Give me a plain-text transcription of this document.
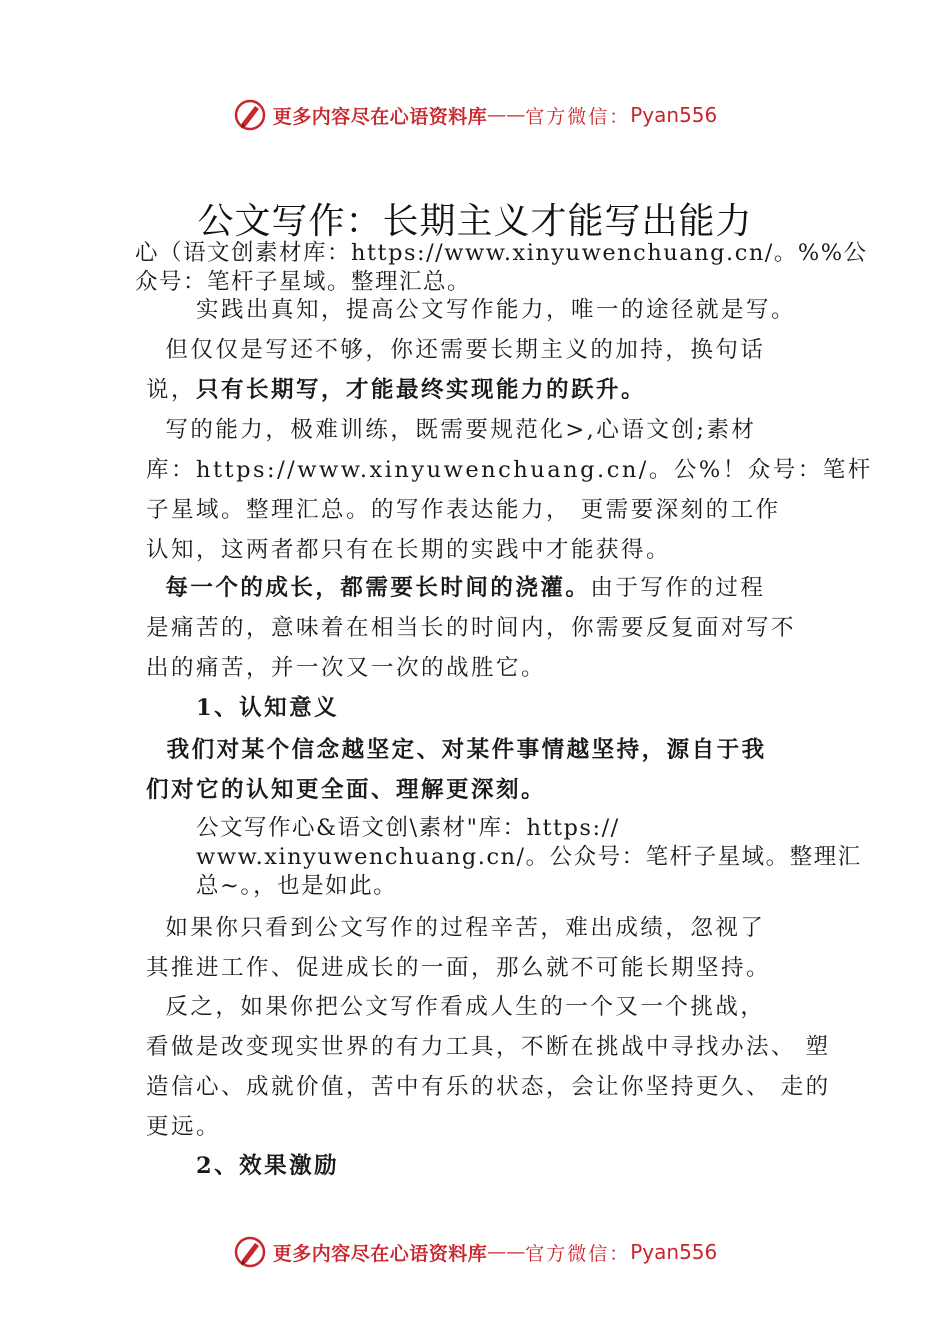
更多内容尽在心语资料库 —— 官方微信： Pyan556
公文写作：长期主义才能写出能力

心（语文创素材库：https://www.xinyuwenchuang.cn/。%%公
众号：笔杆子星域。整理汇总。

实践出真知，提高公文写作能力，唯一的途径就是写。

但仅仅是写还不够，你还需要长期主义的加持，换句话
说，只有长期写，才能最终实现能力的跃升。

写的能力，极难训练，既需要规范化>,心语文创;素材
库：https://www.xinyuwenchuang.cn/。公%！众号：笔杆
子星域。整理汇总。的写作表达能力， 更需要深刻的工作
认知，这两者都只有在长期的实践中才能获得。

每一个的成长，都需要长时间的浇灌。由于写作的过程
是痛苦的，意味着在相当长的时间内，你需要反复面对写不
出的痛苦，并一次又一次的战胜它。

1、认知意义

我们对某个信念越坚定、对某件事情越坚持，源自于我
们对它的认知更全面、理解更深刻。

公文写作心&语文创\素材"库：https://
www.xinyuwenchuang.cn/。公众号：笔杆子星域。整理汇
总~。，也是如此。

如果你只看到公文写作的过程辛苦，难出成绩，忽视了
其推进工作、促进成长的一面，那么就不可能长期坚持。

反之，如果你把公文写作看成人生的一个又一个挑战，
看做是改变现实世界的有力工具，不断在挑战中寻找办法、 塑
造信心、成就价值，苦中有乐的状态，会让你坚持更久、 走的
更远。

2、效果激励

更多内容尽在心语资料库 —— 官方微信： Pyan556
